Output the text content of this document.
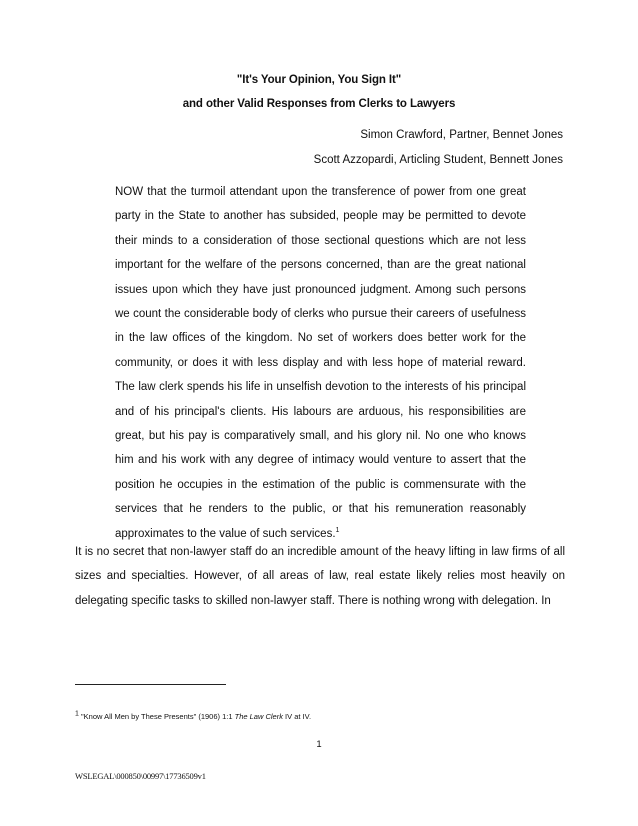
"It's Your Opinion, You Sign It"
and other Valid Responses from Clerks to Lawyers
Simon Crawford, Partner, Bennet Jones
Scott Azzopardi, Articling Student, Bennett Jones
NOW that the turmoil attendant upon the transference of power from one great party in the State to another has subsided, people may be permitted to devote their minds to a consideration of those sectional questions which are not less important for the welfare of the persons concerned, than are the great national issues upon which they have just pronounced judgment. Among such persons we count the considerable body of clerks who pursue their careers of usefulness in the law offices of the kingdom. No set of workers does better work for the community, or does it with less display and with less hope of material reward. The law clerk spends his life in unselfish devotion to the interests of his principal and of his principal's clients. His labours are arduous, his responsibilities are great, but his pay is comparatively small, and his glory nil. No one who knows him and his work with any degree of intimacy would venture to assert that the position he occupies in the estimation of the public is commensurate with the services that he renders to the public, or that his remuneration reasonably approximates to the value of such services.$^1$
It is no secret that non-lawyer staff do an incredible amount of the heavy lifting in law firms of all sizes and specialties. However, of all areas of law, real estate likely relies most heavily on delegating specific tasks to skilled non-lawyer staff. There is nothing wrong with delegation. In
$^1$ "Know All Men by These Presents" (1906) 1:1 The Law Clerk IV at IV.
1
WSLEGAL\000850\00997\17736509v1
